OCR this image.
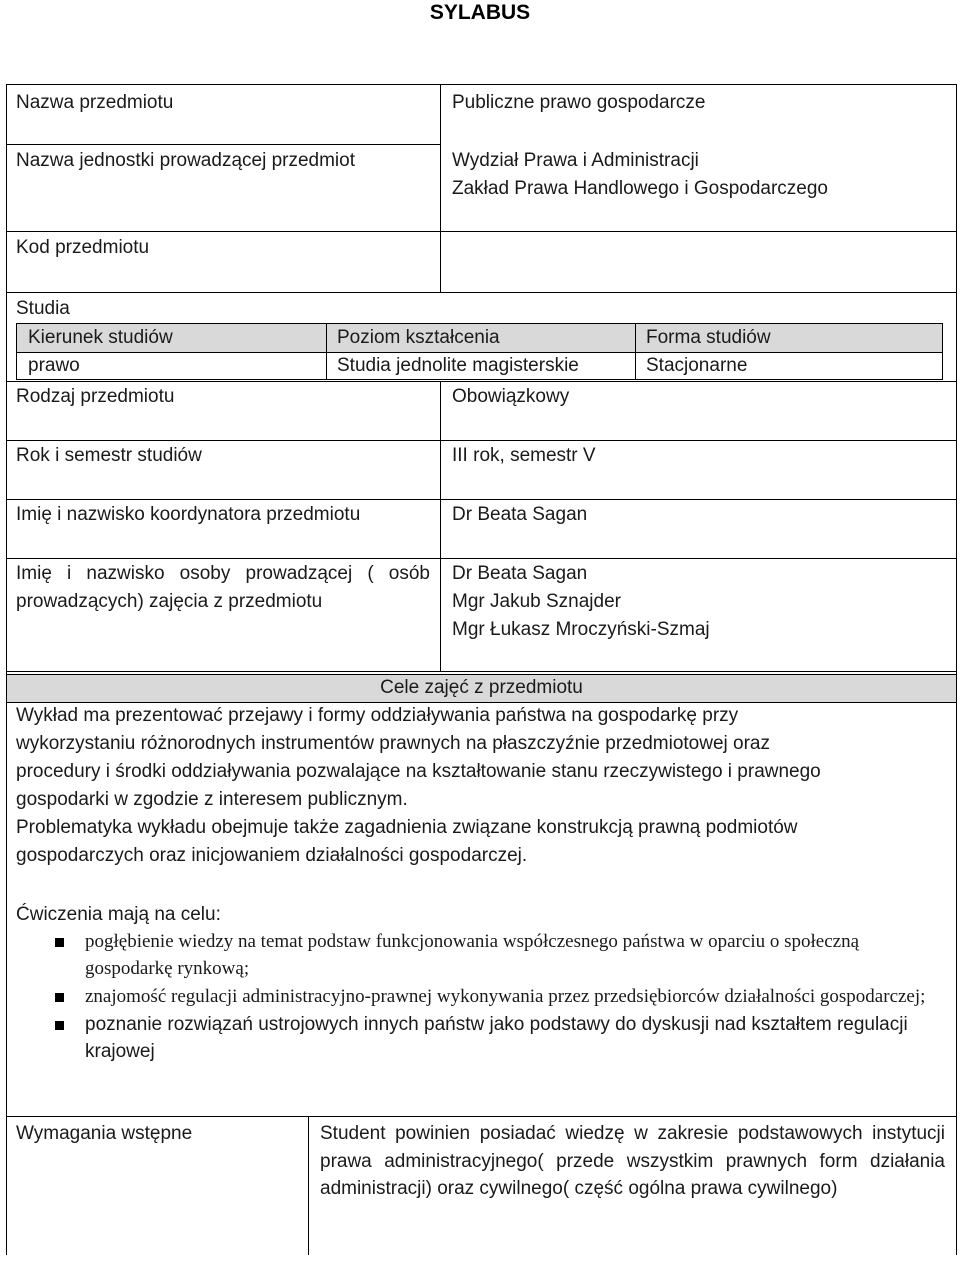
SYLABUS
Nazwa przedmiotu	Publiczne prawo gospodarcze
Nazwa jednostki prowadzącej przedmiot	Wydział Prawa i Administracji
Zakład Prawa Handlowego i Gospodarczego
Kod przedmiotu
Studia
Kierunek studiów	Poziom kształcenia	Forma studiów
prawo	Studia jednolite magisterskie	Stacjonarne
Rodzaj przedmiotu	Obowiązkowy
Rok i semestr studiów	III rok, semestr V
Imię i nazwisko koordynatora przedmiotu	Dr Beata Sagan
Imię i nazwisko osoby prowadzącej ( osób prowadzących) zajęcia z przedmiotu
Dr Beata Sagan
Mgr Jakub Sznajder
Mgr Łukasz Mroczyński-Szmaj
Cele zajęć z przedmiotu
Wykład ma prezentować przejawy i formy oddziaływania państwa na gospodarkę przy
wykorzystaniu różnorodnych instrumentów prawnych na płaszczyźnie przedmiotowej oraz
procedury i środki oddziaływania pozwalające na kształtowanie stanu rzeczywistego i prawnego
gospodarki w zgodzie z interesem publicznym.
Problematyka wykładu obejmuje także zagadnienia związane konstrukcją prawną podmiotów
gospodarczych oraz inicjowaniem działalności gospodarczej.
Ćwiczenia mają na celu:
pogłębienie wiedzy na temat podstaw funkcjonowania współczesnego państwa w oparciu o społeczną gospodarkę rynkową;
znajomość regulacji administracyjno-prawnej wykonywania przez przedsiębiorców działalności gospodarczej;
poznanie rozwiązań ustrojowych innych państw jako podstawy do dyskusji nad kształtem regulacji krajowej
Wymagania wstępne	Student powinien posiadać wiedzę w zakresie podstawowych instytucji prawa administracyjnego( przede wszystkim prawnych form działania administracji) oraz cywilnego( część ogólna prawa cywilnego)
